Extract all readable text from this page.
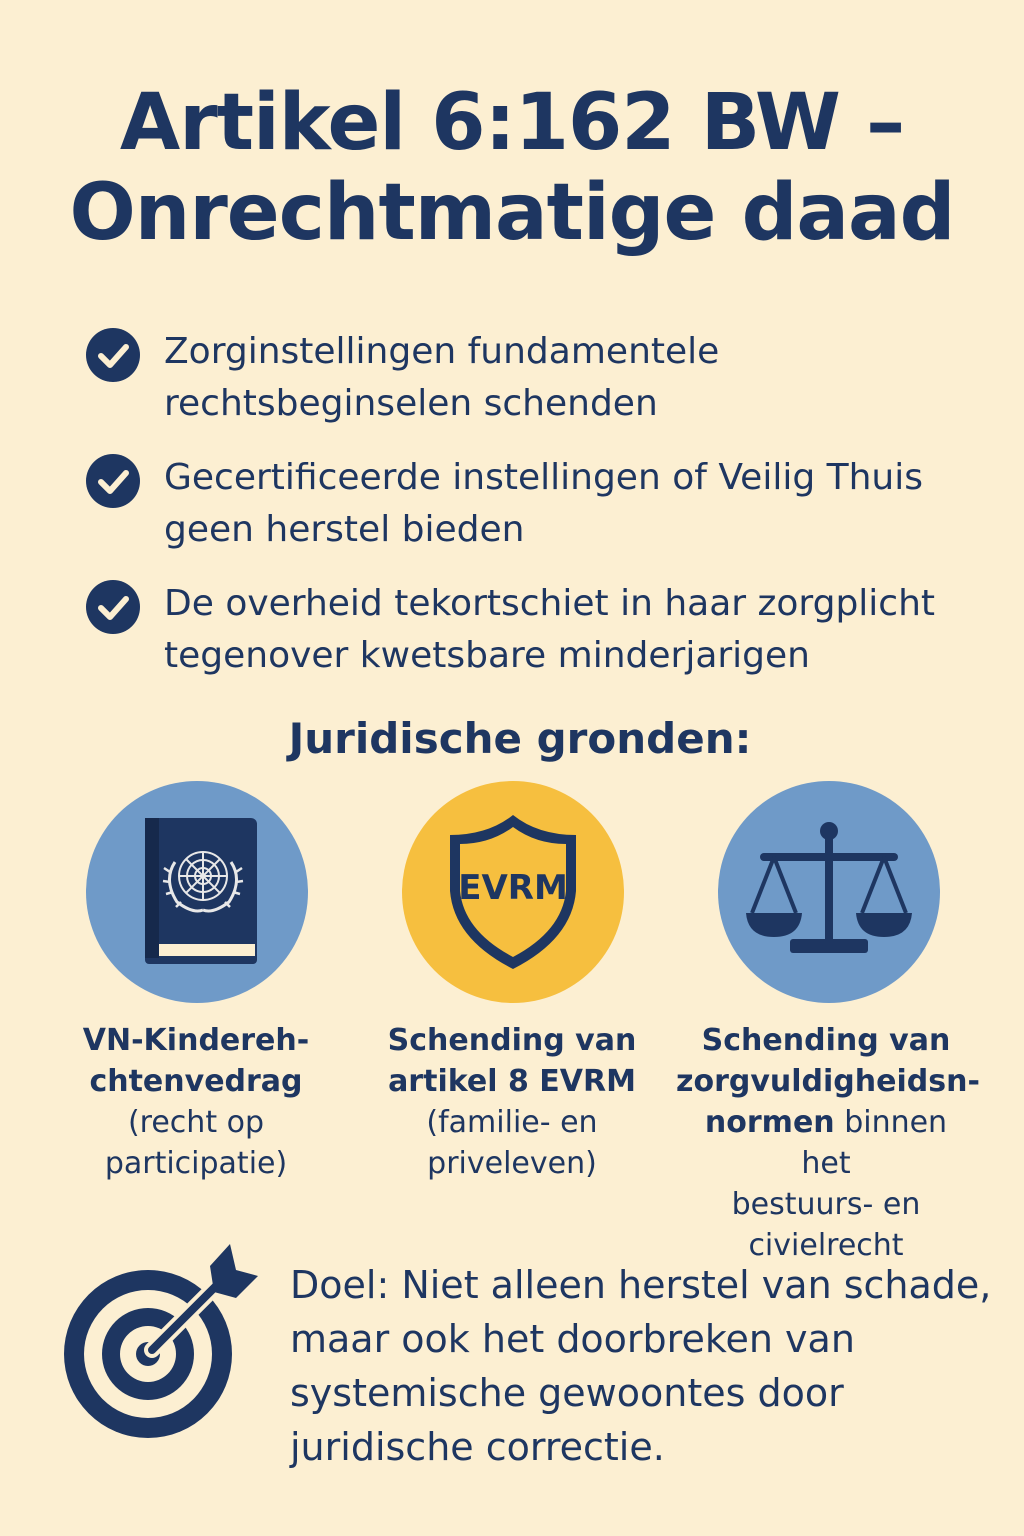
Artikel 6:162 BW –
Onrechtmatige daad
Zorginstellingen fundamentele
rechtsbeginselen schenden
Gecertificeerde instellingen of Veilig Thuis
geen herstel bieden
De overheid tekortschiet in haar zorgplicht
tegenover kwetsbare minderjarigen
Juridische gronden:
EVRM
VN-Kindereh-
chtenvedrag
(recht op
participatie)
Schending van
artikel 8 EVRM
(familie- en
priveleven)
Schending van
zorgvuldigheidsn-
normen binnen het
bestuurs- en
civielrecht

Doel: Niet alleen herstel van schade,
maar ook het doorbreken van
systemische gewoontes door
juridische correctie.
